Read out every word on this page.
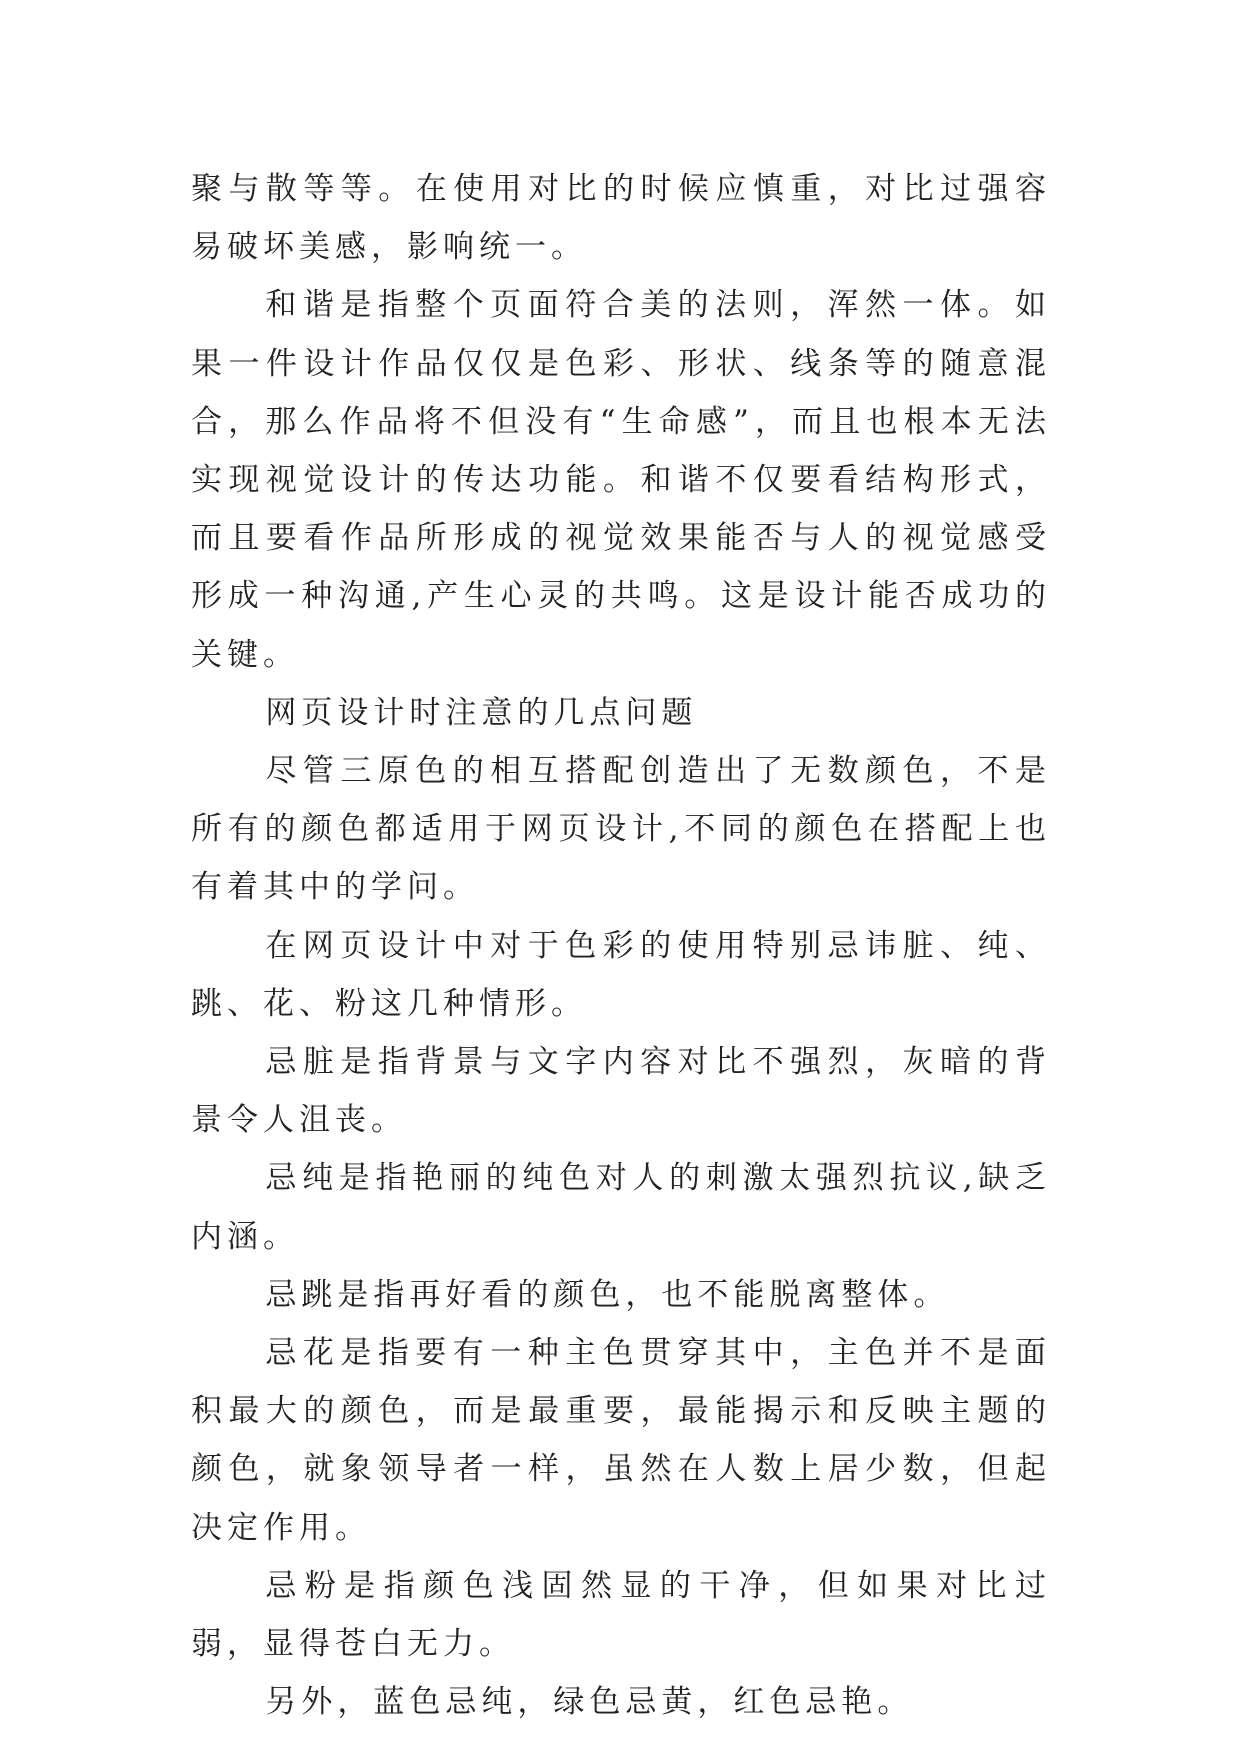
聚与散等等。在使用对比的时候应慎重，对比过强容易破坏美感，影响统一。

和谐是指整个页面符合美的法则，浑然一体。如果一件设计作品仅仅是色彩、形状、线条等的随意混合，那么作品将不但没有“生命感”，而且也根本无法实现视觉设计的传达功能。和谐不仅要看结构形式，而且要看作品所形成的视觉效果能否与人的视觉感受形成一种沟通,产生心灵的共鸣。这是设计能否成功的关键。

网页设计时注意的几点问题

尽管三原色的相互搭配创造出了无数颜色，不是所有的颜色都适用于网页设计,不同的颜色在搭配上也有着其中的学问。

在网页设计中对于色彩的使用特别忌讳脏、纯、跳、花、粉这几种情形。

忌脏是指背景与文字内容对比不强烈，灰暗的背景令人沮丧。

忌纯是指艳丽的纯色对人的刺激太强烈抗议,缺乏内涵。

忌跳是指再好看的颜色，也不能脱离整体。

忌花是指要有一种主色贯穿其中，主色并不是面积最大的颜色，而是最重要，最能揭示和反映主题的颜色，就象领导者一样，虽然在人数上居少数，但起决定作用。

忌粉是指颜色浅固然显的干净，但如果对比过弱，显得苍白无力。

另外，蓝色忌纯，绿色忌黄，红色忌艳。
